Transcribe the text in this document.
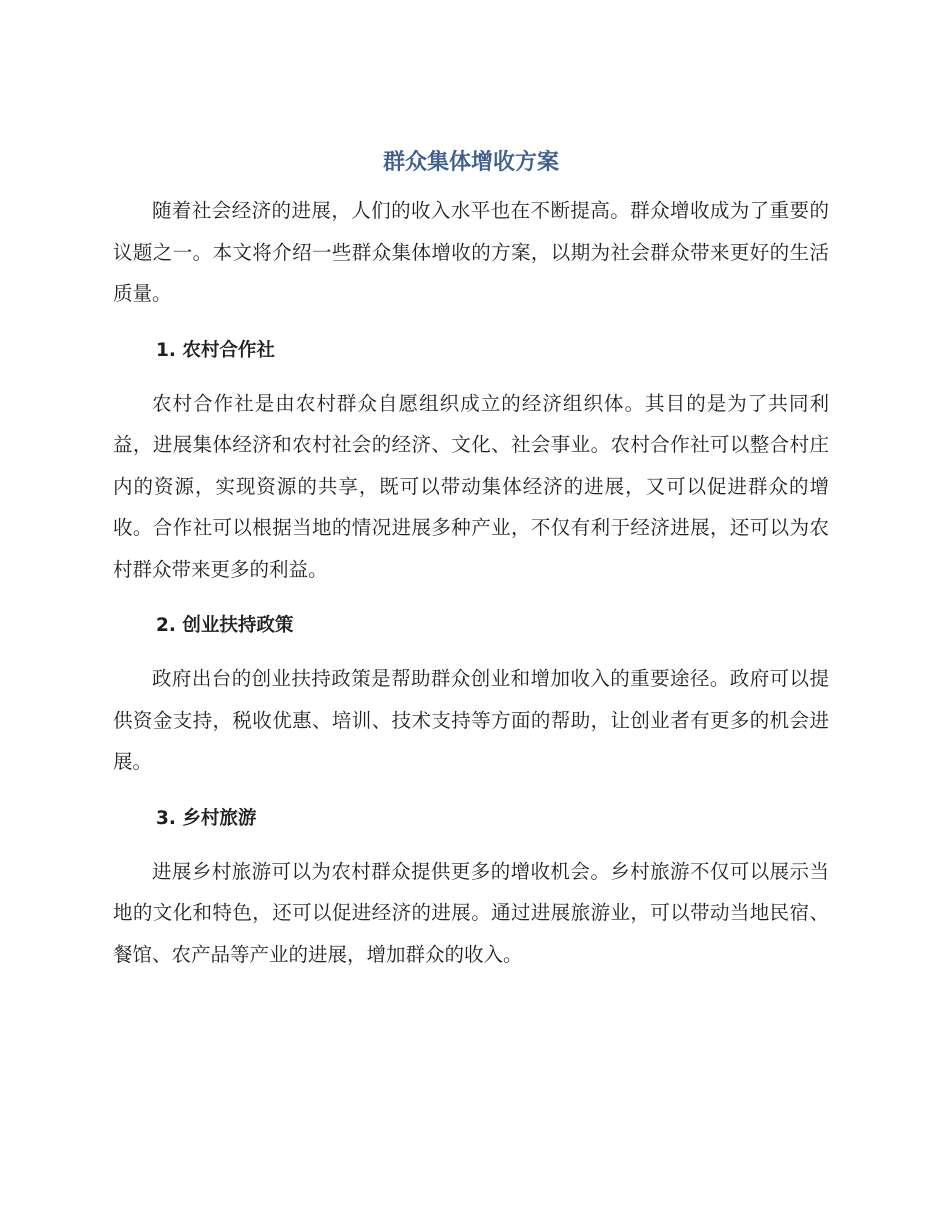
群众集体增收方案

随着社会经济的进展，人们的收入水平也在不断提高。群众增收成为了重要的议题之一。本文将介绍一些群众集体增收的方案，以期为社会群众带来更好的生活质量。

1. 农村合作社

农村合作社是由农村群众自愿组织成立的经济组织体。其目的是为了共同利益，进展集体经济和农村社会的经济、文化、社会事业。农村合作社可以整合村庄内的资源，实现资源的共享，既可以带动集体经济的进展，又可以促进群众的增收。合作社可以根据当地的情况进展多种产业，不仅有利于经济进展，还可以为农村群众带来更多的利益。

2. 创业扶持政策

政府出台的创业扶持政策是帮助群众创业和增加收入的重要途径。政府可以提供资金支持，税收优惠、培训、技术支持等方面的帮助，让创业者有更多的机会进展。

3. 乡村旅游

进展乡村旅游可以为农村群众提供更多的增收机会。乡村旅游不仅可以展示当地的文化和特色，还可以促进经济的进展。通过进展旅游业，可以带动当地民宿、餐馆、农产品等产业的进展，增加群众的收入。
